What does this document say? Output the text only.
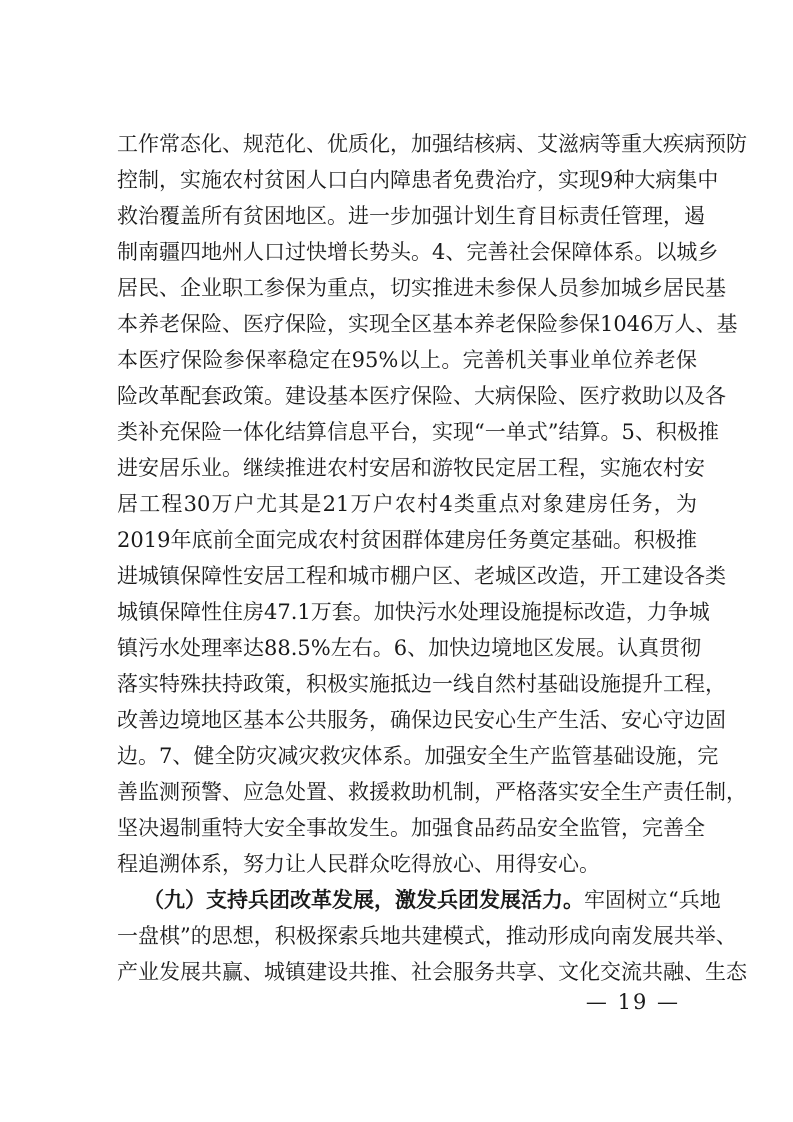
工作常态化、规范化、优质化，加强结核病、艾滋病等重大疾病预防
控制，实施农村贫困人口白内障患者免费治疗，实现9种大病集中
救治覆盖所有贫困地区。进一步加强计划生育目标责任管理，遏
制南疆四地州人口过快增长势头。4、完善社会保障体系。以城乡
居民、企业职工参保为重点，切实推进未参保人员参加城乡居民基
本养老保险、医疗保险，实现全区基本养老保险参保1046万人、基
本医疗保险参保率稳定在95%以上。完善机关事业单位养老保
险改革配套政策。建设基本医疗保险、大病保险、医疗救助以及各
类补充保险一体化结算信息平台，实现“一单式”结算。5、积极推
进安居乐业。继续推进农村安居和游牧民定居工程，实施农村安
居工程30万户尤其是21万户农村4类重点对象建房任务，为
2019年底前全面完成农村贫困群体建房任务奠定基础。积极推
进城镇保障性安居工程和城市棚户区、老城区改造，开工建设各类
城镇保障性住房47.1万套。加快污水处理设施提标改造，力争城
镇污水处理率达88.5%左右。6、加快边境地区发展。认真贯彻
落实特殊扶持政策，积极实施抵边一线自然村基础设施提升工程，
改善边境地区基本公共服务，确保边民安心生产生活、安心守边固
边。7、健全防灾减灾救灾体系。加强安全生产监管基础设施，完
善监测预警、应急处置、救援救助机制，严格落实安全生产责任制，
坚决遏制重特大安全事故发生。加强食品药品安全监管，完善全
程追溯体系，努力让人民群众吃得放心、用得安心。
（九）支持兵团改革发展，激发兵团发展活力。牢固树立“兵地
一盘棋”的思想，积极探索兵地共建模式，推动形成向南发展共举、
产业发展共赢、城镇建设共推、社会服务共享、文化交流共融、生态
— 19 —
